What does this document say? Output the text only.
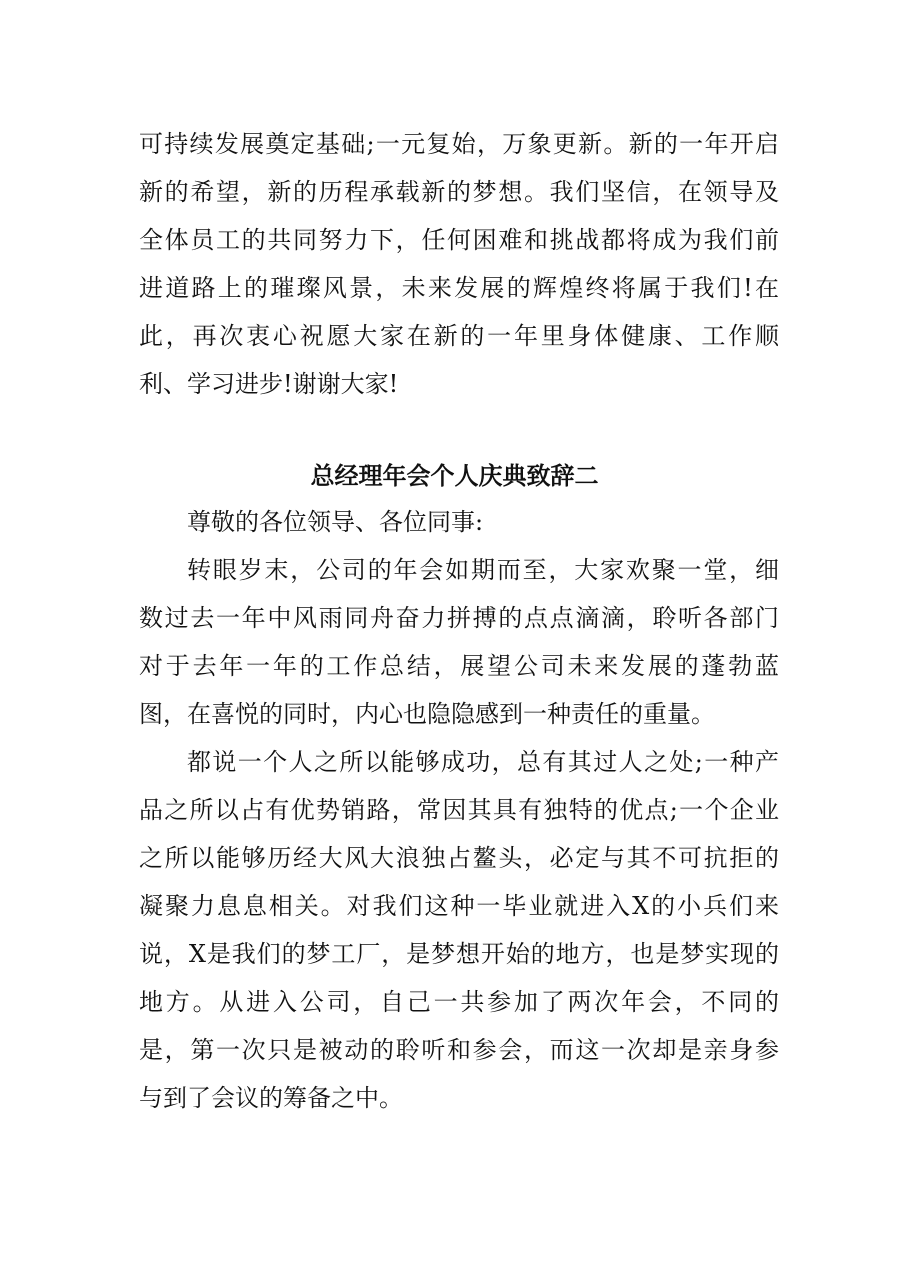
可持续发展奠定基础;一元复始，万象更新。新的一年开启
新的希望，新的历程承载新的梦想。我们坚信，在领导及
全体员工的共同努力下，任何困难和挑战都将成为我们前
进道路上的璀璨风景，未来发展的辉煌终将属于我们!在
此，再次衷心祝愿大家在新的一年里身体健康、工作顺
利、学习进步!谢谢大家!
总经理年会个人庆典致辞二
尊敬的各位领导、各位同事:
转眼岁末，公司的年会如期而至，大家欢聚一堂，细
数过去一年中风雨同舟奋力拼搏的点点滴滴，聆听各部门
对于去年一年的工作总结，展望公司未来发展的蓬勃蓝
图，在喜悦的同时，内心也隐隐感到一种责任的重量。
都说一个人之所以能够成功，总有其过人之处;一种产
品之所以占有优势销路，常因其具有独特的优点;一个企业
之所以能够历经大风大浪独占鳌头，必定与其不可抗拒的
凝聚力息息相关。对我们这种一毕业就进入X的小兵们来
说，X是我们的梦工厂，是梦想开始的地方，也是梦实现的
地方。从进入公司，自己一共参加了两次年会，不同的
是，第一次只是被动的聆听和参会，而这一次却是亲身参
与到了会议的筹备之中。
